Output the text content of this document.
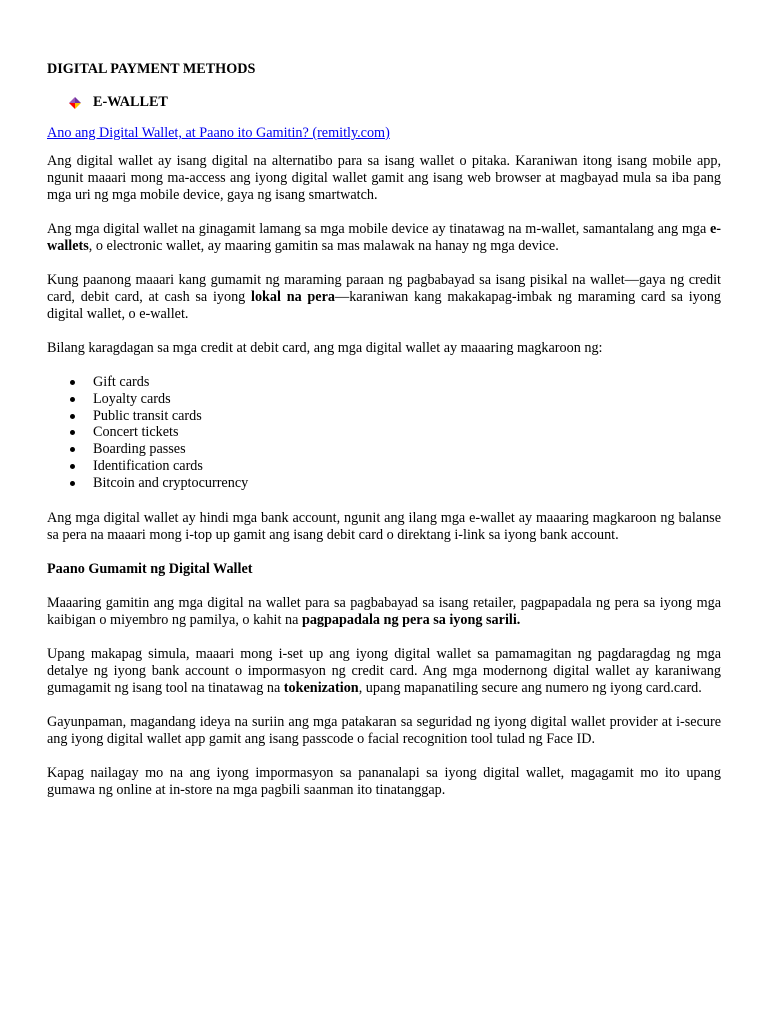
DIGITAL PAYMENT METHODS
E-WALLET
Ano ang Digital Wallet, at Paano ito Gamitin? (remitly.com)

Ang digital wallet ay isang digital na alternatibo para sa isang wallet o pitaka. Karaniwan itong isang mobile app, ngunit maaari mong ma-access ang iyong digital wallet gamit ang isang web browser at magbayad mula sa iba pang mga uri ng mga mobile device, gaya ng isang smartwatch.

Ang mga digital wallet na ginagamit lamang sa mga mobile device ay tinatawag na m-wallet, samantalang ang mga e-wallets, o electronic wallet, ay maaring gamitin sa mas malawak na hanay ng mga device.

Kung paanong maaari kang gumamit ng maraming paraan ng pagbabayad sa isang pisikal na wallet—gaya ng credit card, debit card, at cash sa iyong lokal na pera—karaniwan kang makakapag-imbak ng maraming card sa iyong digital wallet, o e-wallet.

Bilang karagdagan sa mga credit at debit card, ang mga digital wallet ay maaaring magkaroon ng:

Gift cards
Loyalty cards
Public transit cards
Concert tickets
Boarding passes
Identification cards
Bitcoin and cryptocurrency

Ang mga digital wallet ay hindi mga bank account, ngunit ang ilang mga e-wallet ay maaaring magkaroon ng balanse sa pera na maaari mong i-top up gamit ang isang debit card o direktang i-link sa iyong bank account.

Paano Gumamit ng Digital Wallet

Maaaring gamitin ang mga digital na wallet para sa pagbabayad sa isang retailer, pagpapadala ng pera sa iyong mga kaibigan o miyembro ng pamilya, o kahit na pagpapadala ng pera sa iyong sarili.

Upang makapag simula, maaari mong i-set up ang iyong digital wallet sa pamamagitan ng pagdaragdag ng mga detalye ng iyong bank account o impormasyon ng credit card. Ang mga modernong digital wallet ay karaniwang gumagamit ng isang tool na tinatawag na tokenization, upang mapanatiling secure ang numero ng iyong card.card.

Gayunpaman, magandang ideya na suriin ang mga patakaran sa seguridad ng iyong digital wallet provider at i-secure ang iyong digital wallet app gamit ang isang passcode o facial recognition tool tulad ng Face ID.

Kapag nailagay mo na ang iyong impormasyon sa pananalapi sa iyong digital wallet, magagamit mo ito upang gumawa ng online at in-store na mga pagbili saanman ito tinatanggap.
